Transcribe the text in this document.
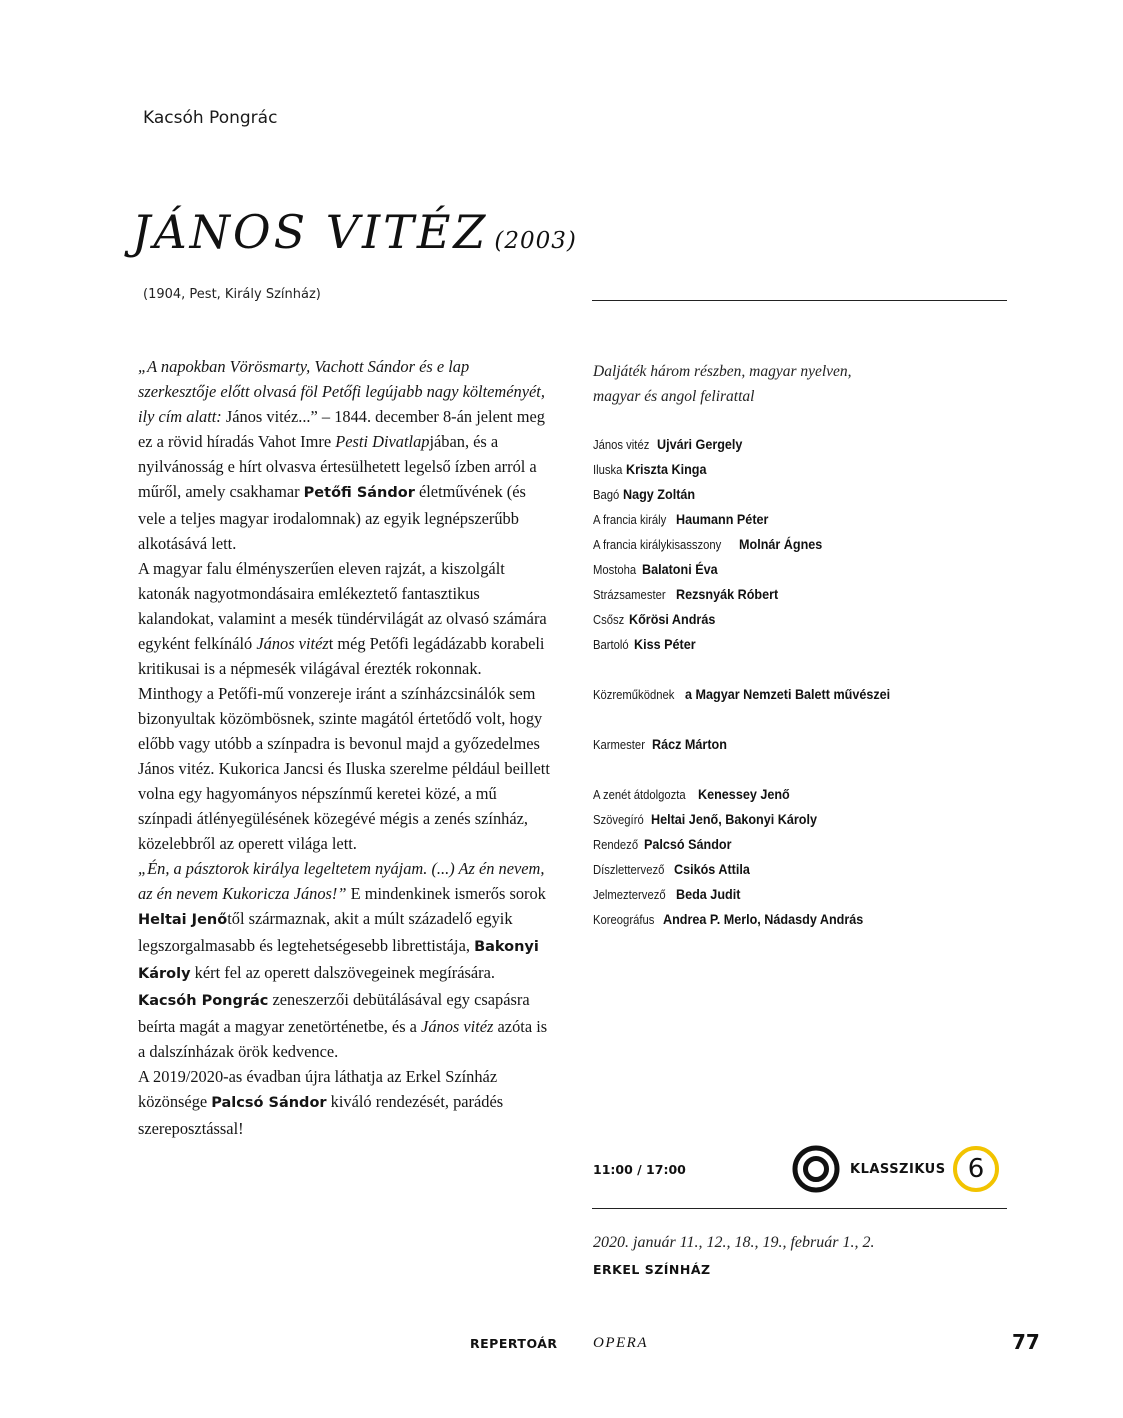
Kacsóh Pongrác
JÁNOS VITÉZ (2003)
(1904, Pest, Király Színház)

„A napokban Vörösmarty, Vachott Sándor és e lap szerkesztője előtt olvasá föl Petőfi legújabb nagy költeményét, ily cím alatt: János vitéz...” – 1844. december 8-án jelent meg ez a rövid híradás Vahot Imre Pesti Divatlapjában, és a nyilvánosság e hírt olvasva értesülhetett legelső ízben arról a műről, amely csakhamar Petőfi Sándor életművének (és vele a teljes magyar irodalomnak) az egyik legnépszerűbb alkotásává lett.

A magyar falu élményszerűen eleven rajzát, a kiszolgált katonák nagyotmondásaira emlékeztető fantasztikus kalandokat, valamint a mesék tündérvilágát az olvasó számára egyként felkínáló János vitézt még Petőfi legádázabb korabeli kritikusai is a népmesék világával érezték rokonnak. Minthogy a Petőfi-mű vonzereje iránt a színházcsinálók sem bizonyultak közömbösnek, szinte magától értetődő volt, hogy előbb vagy utóbb a színpadra is bevonul majd a győzedelmes János vitéz. Kukorica Jancsi és Iluska szerelme például beillett volna egy hagyományos népszínmű keretei közé, a mű színpadi átlényegülésének közegévé mégis a zenés színház, közelebbről az operett világa lett.

„Én, a pásztorok királya legeltetem nyájam. (...) Az én nevem, az én nevem Kukoricza János!” E mindenkinek ismerős sorok Heltai Jenőtől származnak, akit a múlt századelő egyik legszorgalmasabb és legtehetségesebb librettistája, Bakonyi Károly kért fel az operett dalszövegeinek megírására.

Kacsóh Pongrác zeneszerzői debütálásával egy csapásra beírta magát a magyar zenetörténetbe, és a János vitéz azóta is a dalszínházak örök kedvence.

A 2019/2020-as évadban újra láthatja az Erkel Színház közönsége Palcsó Sándor kiváló rendezését, parádés szereposztással!

Daljáték három részben, magyar nyelven,
magyar és angol felirattal
János vitéz Ujvári Gergely
Iluska Kriszta Kinga
Bagó Nagy Zoltán
A francia király Haumann Péter
A francia királykisasszony Molnár Ágnes
Mostoha Balatoni Éva
Strázsamester Rezsnyák Róbert
Csősz Kőrösi András
Bartoló Kiss Péter
Közreműködnek a Magyar Nemzeti Balett művészei
Karmester Rácz Márton
A zenét átdolgozta Kenessey Jenő
Szövegíró Heltai Jenő, Bakonyi Károly
Rendező Palcsó Sándor
Díszlettervező Csikós Attila
Jelmeztervező Beda Judit
Koreográfus Andrea P. Merlo, Nádasdy András
11:00 / 17:00	KLASSZIKUS 6
2020. január 11., 12., 18., 19., február 1., 2.
ERKEL SZÍNHÁZ
REPERTOÁR OPERA	77
